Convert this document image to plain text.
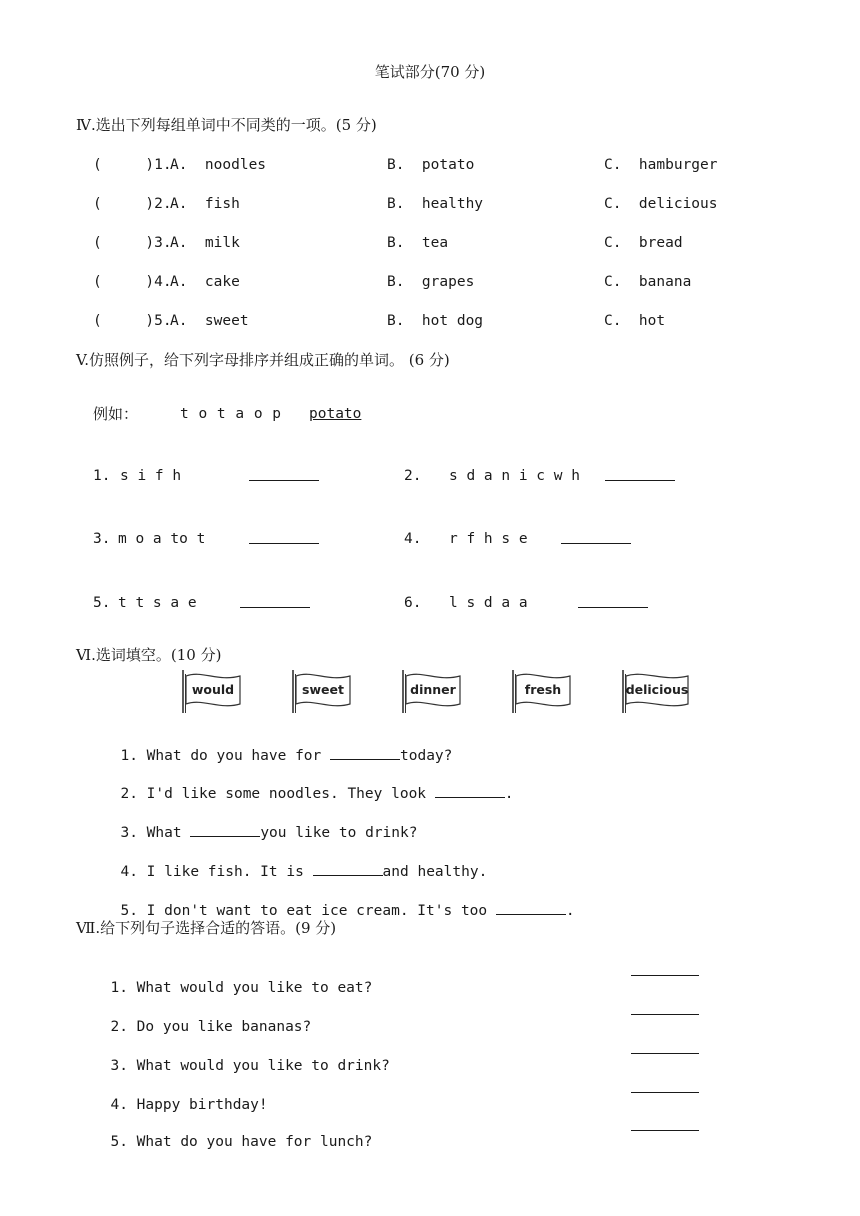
笔试部分(70 分)
Ⅳ.选出下列每组单词中不同类的一项。(5 分)
(     )1.
A.  noodles	B.  potato	C.  hamburger
(     )2.
A.  fish	B.  healthy	C.  delicious
(     )3.
A.  milk	B.  tea	C.  bread
(     )4.
A.  cake	B.  grapes	C.  banana
(     )5.
A.  sweet	B.  hot dog	C.  hot
V.仿照例子，给下列字母排序并组成正确的单词。 (6 分)
例如：	t o t a o p potato
1. s i f h	2. s d a n i c w h
3. m o a to t	4. r f h s e
5. t t s a e	6. l s d a a
Ⅵ.选词填空。(10 分)
would	sweet	dinner	fresh	delicious

1. What do you have for	today?

2. I'd like some noodles. They look	.

3. What	you like to drink?

4. I like fish. It is	and healthy.

5. I don't want to eat ice cream. It's too	.

Ⅶ.给下列句子选择合适的答语。(9 分)

1. What would you like to eat?

2. Do you like bananas?

3. What would you like to drink?

4. Happy birthday!

5. What do you have for lunch?
